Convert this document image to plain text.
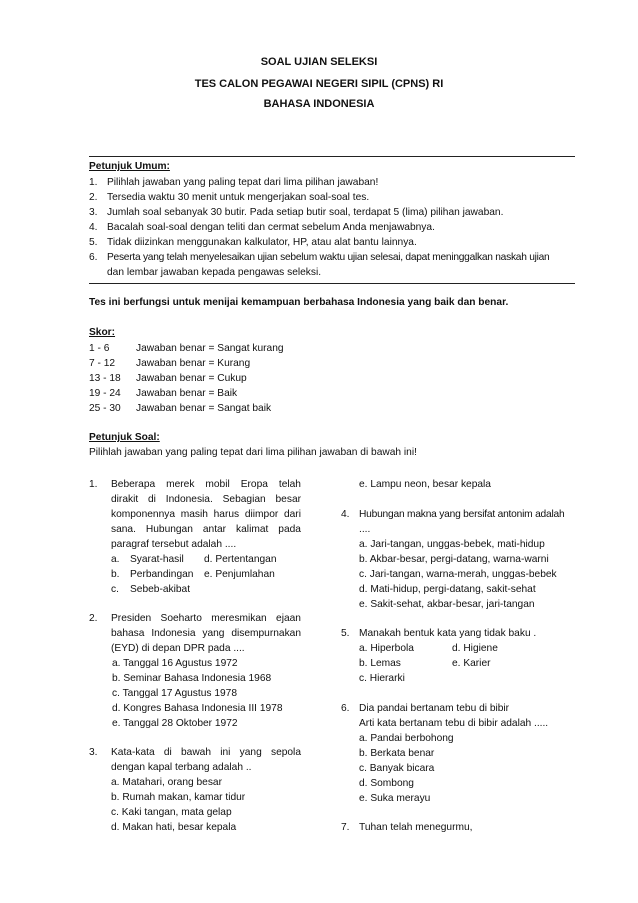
SOAL UJIAN SELEKSI
TES CALON PEGAWAI NEGERI SIPIL (CPNS) RI
BAHASA INDONESIA
Petunjuk Umum:
1. Pilihlah jawaban yang paling tepat dari lima pilihan jawaban!
2. Tersedia waktu 30 menit untuk mengerjakan soal-soal tes.
3. Jumlah soal sebanyak 30 butir. Pada setiap butir soal, terdapat 5 (lima) pilihan jawaban.
4. Bacalah soal-soal dengan teliti dan cermat sebelum Anda menjawabnya.
5. Tidak diizinkan menggunakan kalkulator, HP, atau alat bantu lainnya.
6. Peserta yang telah menyelesaikan ujian sebelum waktu ujian selesai, dapat meninggalkan naskah ujian
dan lembar jawaban kepada pengawas seleksi.
Tes ini berfungsi untuk menijai kemampuan berbahasa Indonesia yang baik dan benar.
Skor:
1 - 6	Jawaban benar = Sangat kurang
7 - 12 Jawaban benar = Kurang
13 - 18 Jawaban benar = Cukup
19 - 24 Jawaban benar = Baik
25 - 30 Jawaban benar = Sangat baik
Petunjuk Soal:
Pilihlah jawaban yang paling tepat dari lima pilihan jawaban di bawah ini!
1. Beberapa merek mobil Eropa telah
dirakit di Indonesia. Sebagian besar
komponennya masih harus diimpor dari
sana. Hubungan antar kalimat pada
paragraf tersebut adalah ....
a. Syarat-hasil d. Pertentangan
b. Perbandingan e. Penjumlahan
c. Sebeb-akibat
2. Presiden Soeharto meresmikan ejaan
bahasa Indonesia yang disempurnakan
(EYD) di depan DPR pada ....
a. Tanggal 16 Agustus 1972
b. Seminar Bahasa Indonesia 1968
c. Tanggal 17 Agustus 1978
d. Kongres Bahasa Indonesia III 1978
e. Tanggal 28 Oktober 1972
3. Kata-kata di bawah ini yang sepola
dengan kapal terbang adalah ..
a. Matahari, orang besar
b. Rumah makan, kamar tidur
c. Kaki tangan, mata gelap
d. Makan hati, besar kepala
e. Lampu neon, besar kepala
4. Hubungan makna yang bersifat antonim adalah
....
a. Jari-tangan, unggas-bebek, mati-hidup
b. Akbar-besar, pergi-datang, warna-warni
c. Jari-tangan, warna-merah, unggas-bebek
d. Mati-hidup, pergi-datang, sakit-sehat
e. Sakit-sehat, akbar-besar, jari-tangan
5. Manakah bentuk kata yang tidak baku .
a. Hiperbola	d. Higiene
b. Lemas	e. Karier
c. Hierarki
6. Dia pandai bertanam tebu di bibir
Arti kata bertanam tebu di bibir adalah .....
a. Pandai berbohong
b. Berkata benar
c. Banyak bicara
d. Sombong
e. Suka merayu
7. Tuhan telah menegurmu,
